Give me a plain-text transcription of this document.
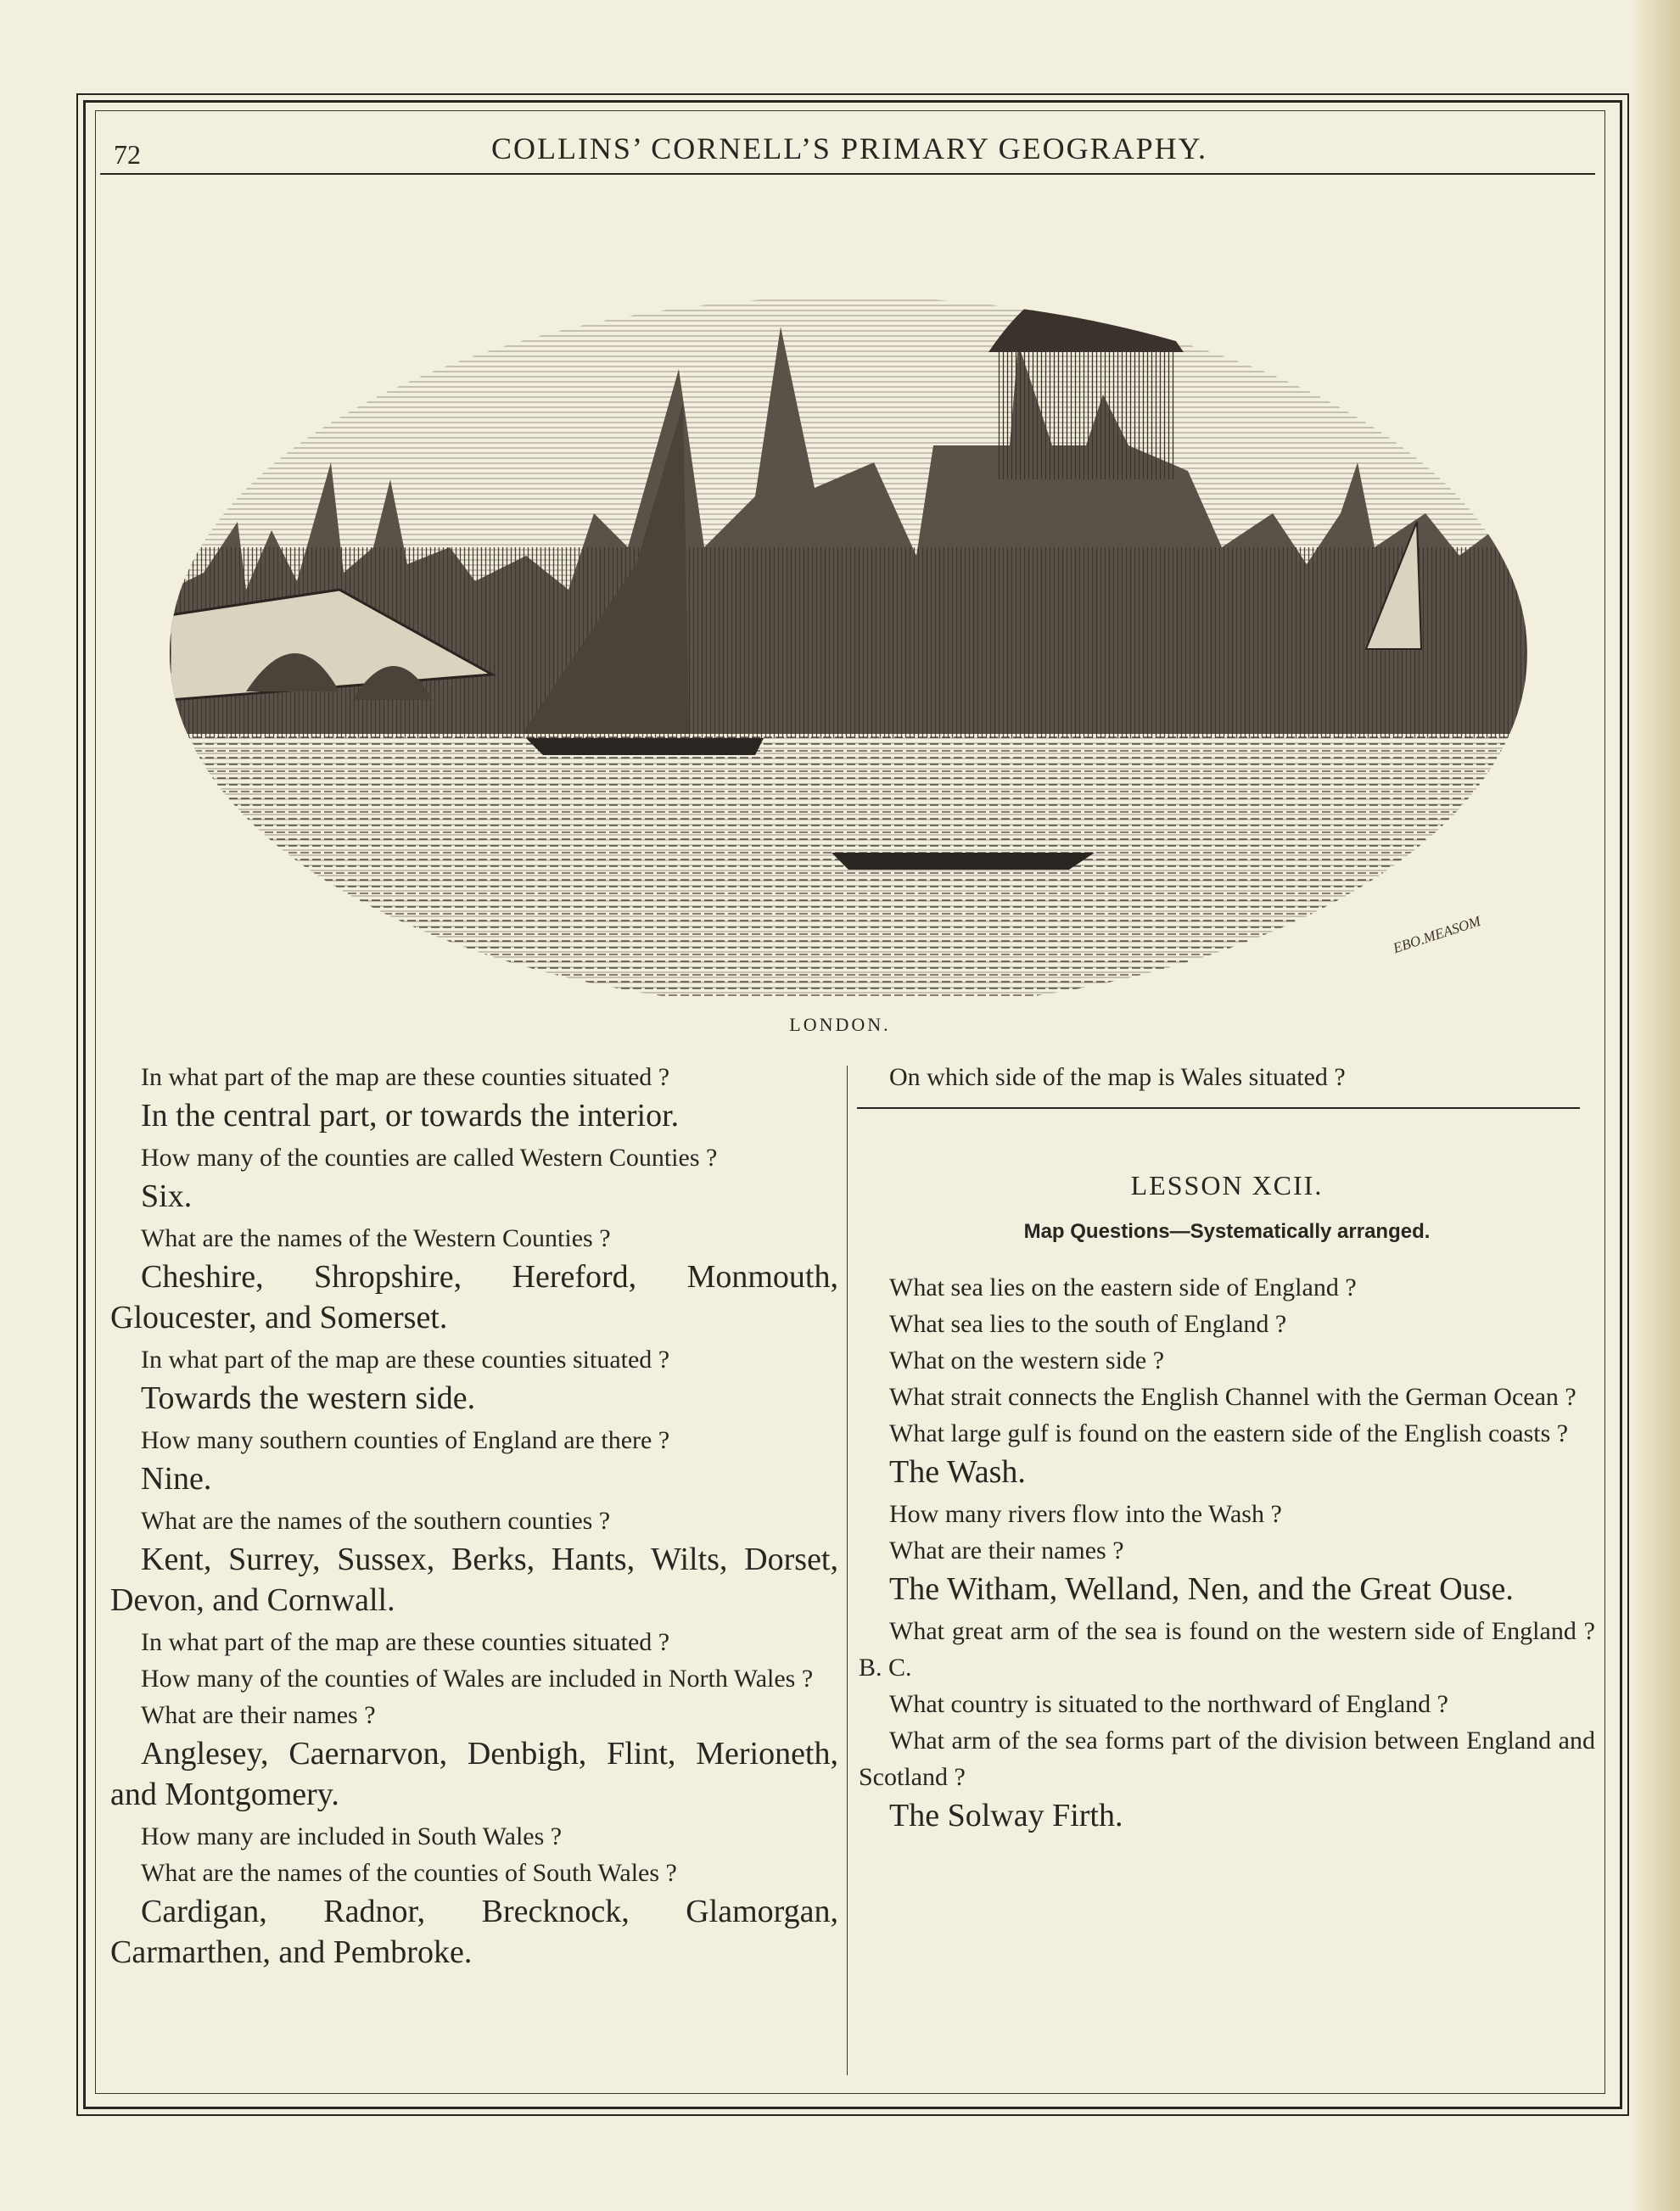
72	COLLINS’ CORNELL’S PRIMARY GEOGRAPHY.
EBO.MEASOM
LONDON.

In what part of the map are these counties situated ?

In the central part, or towards the interior.

How many of the counties are called Western Counties ?

Six.

What are the names of the Western Counties ?

Cheshire, Shropshire, Hereford, Monmouth, Gloucester, and Somerset.

In what part of the map are these counties situated ?

Towards the western side.

How many southern counties of England are there ?

Nine.

What are the names of the southern counties ?

Kent, Surrey, Sussex, Berks, Hants, Wilts, Dorset, Devon, and Cornwall.

In what part of the map are these counties situated ?

How many of the counties of Wales are included in North Wales ?

What are their names ?

Anglesey, Caernarvon, Denbigh, Flint, Merioneth, and Montgomery.

How many are included in South Wales ?

What are the names of the counties of South Wales ?

Cardigan, Radnor, Brecknock, Glamorgan, Carmarthen, and Pembroke.

On which side of the map is Wales situated ?

LESSON XCII.
Map Questions—Systematically arranged.

What sea lies on the eastern side of England ?

What sea lies to the south of England ?

What on the western side ?

What strait connects the English Channel with the German Ocean ?

What large gulf is found on the eastern side of the English coasts ?

The Wash.

How many rivers flow into the Wash ?

What are their names ?

The Witham, Welland, Nen, and the Great Ouse.

What great arm of the sea is found on the western side of England ? B. C.

What country is situated to the northward of England ?

What arm of the sea forms part of the division between England and Scotland ?

The Solway Firth.
